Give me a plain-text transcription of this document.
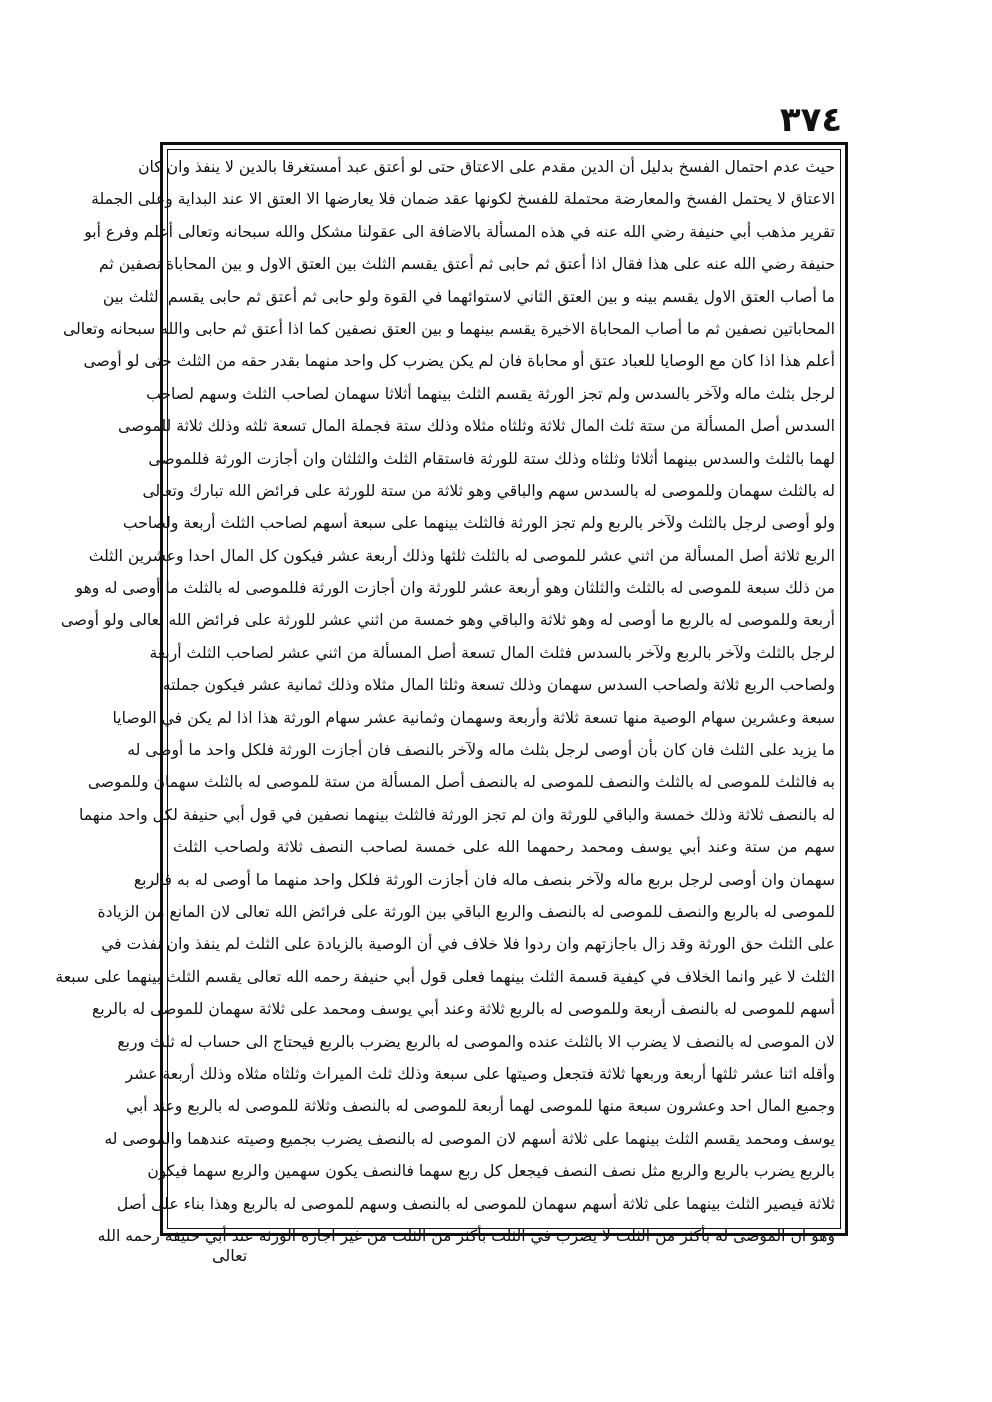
٣٧٤
حيث عدم احتمال الفسخ بدليل أن الدين مقدم على الاعتاق حتى لو أعتق عبد أمستغرقا بالدين لا ينفذ وان كان
الاعتاق لا يحتمل الفسخ والمعارضة محتملة للفسخ لكونها عقد ضمان فلا يعارضها الا العتق الا عند البداية وعلى الجملة
تقرير مذهب أبي حنيفة رضي الله عنه في هذه المسألة بالاضافة الى عقولنا مشكل والله سبحانه وتعالى أعلم وفرع أبو
حنيفة رضي الله عنه على هذا فقال اذا أعتق ثم حابى ثم أعتق يقسم الثلث بين العتق الاول و بين المحاباة نصفين ثم
ما أصاب العتق الاول يقسم بينه و بين العتق الثاني لاستوائهما في القوة ولو حابى ثم أعتق ثم حابى يقسم الثلث بين
المحاباتين نصفين ثم ما أصاب المحاباة الاخيرة يقسم بينهما و بين العتق نصفين كما اذا أعتق ثم حابى والله سبحانه وتعالى
أعلم هذا اذا كان مع الوصايا للعباد عتق أو محاباة فان لم يكن يضرب كل واحد منهما بقدر حقه من الثلث حتى لو أوصى
لرجل بثلث ماله ولآخر بالسدس ولم تجز الورثة يقسم الثلث بينهما أثلاثا سهمان لصاحب الثلث وسهم لصاحب
السدس أصل المسألة من ستة ثلث المال ثلاثة وثلثاه مثلاه وذلك ستة فجملة المال تسعة ثلثه وذلك ثلاثة للموصى
لهما بالثلث والسدس بينهما أثلاثا وثلثاه وذلك ستة للورثة فاستقام الثلث والثلثان وان أجازت الورثة فللموصى
له بالثلث سهمان وللموصى له بالسدس سهم والباقي وهو ثلاثة من ستة للورثة على فرائض الله تبارك وتعالى
ولو أوصى لرجل بالثلث ولآخر بالربع ولم تجز الورثة فالثلث بينهما على سبعة أسهم لصاحب الثلث أربعة ولصاحب
الربع ثلاثة أصل المسألة من اثني عشر للموصى له بالثلث ثلثها وذلك أربعة عشر فيكون كل المال احدا وعشرين الثلث
من ذلك سبعة للموصى له بالثلث والثلثان وهو أربعة عشر للورثة وان أجازت الورثة فللموصى له بالثلث ما أوصى له وهو
أربعة وللموصى له بالربع ما أوصى له وهو ثلاثة والباقي وهو خمسة من اثني عشر للورثة على فرائض الله تعالى ولو أوصى
لرجل بالثلث ولآخر بالربع ولآخر بالسدس فثلث المال تسعة أصل المسألة من اثني عشر لصاحب الثلث أربعة
ولصاحب الربع ثلاثة ولصاحب السدس سهمان وذلك تسعة وثلثا المال مثلاه وذلك ثمانية عشر فيكون جملته
سبعة وعشرين سهام الوصية منها تسعة ثلاثة وأربعة وسهمان وثمانية عشر سهام الورثة هذا اذا لم يكن في الوصايا
ما يزيد على الثلث فان كان بأن أوصى لرجل بثلث ماله ولآخر بالنصف فان أجازت الورثة فلكل واحد ما أوصى له
به فالثلث للموصى له بالثلث والنصف للموصى له بالنصف أصل المسألة من ستة للموصى له بالثلث سهمان وللموصى
له بالنصف ثلاثة وذلك خمسة والباقي للورثة وان لم تجز الورثة فالثلث بينهما نصفين في قول أبي حنيفة لكل واحد منهما
سهم من ستة وعند أبي يوسف ومحمد رحمهما الله على خمسة لصاحب النصف ثلاثة ولصاحب الثلث
سهمان وان أوصى لرجل بربع ماله ولآخر بنصف ماله فان أجازت الورثة فلكل واحد منهما ما أوصى له به فالربع
للموصى له بالربع والنصف للموصى له بالنصف والربع الباقي بين الورثة على فرائض الله تعالى لان المانع من الزيادة
على الثلث حق الورثة وقد زال باجازتهم وان ردوا فلا خلاف في أن الوصية بالزيادة على الثلث لم ينفذ وان نفذت في
الثلث لا غير وانما الخلاف في كيفية قسمة الثلث بينهما فعلى قول أبي حنيفة رحمه الله تعالى يقسم الثلث بينهما على سبعة
أسهم للموصى له بالنصف أربعة وللموصى له بالربع ثلاثة وعند أبي يوسف ومحمد على ثلاثة سهمان للموصى له بالربع
لان الموصى له بالنصف لا يضرب الا بالثلث عنده والموصى له بالربع يضرب بالربع فيحتاج الى حساب له ثلث وربع
وأقله اثنا عشر ثلثها أربعة وربعها ثلاثة فتجعل وصيتها على سبعة وذلك ثلث الميراث وثلثاه مثلاه وذلك أربعة عشر
وجميع المال احد وعشرون سبعة منها للموصى لهما أربعة للموصى له بالنصف وثلاثة للموصى له بالربع وعند أبي
يوسف ومحمد يقسم الثلث بينهما على ثلاثة أسهم لان الموصى له بالنصف يضرب بجميع وصيته عندهما والموصى له
بالربع يضرب بالربع والربع مثل نصف النصف فيجعل كل ربع سهما فالنصف يكون سهمين والربع سهما فيكون
ثلاثة فيصير الثلث بينهما على ثلاثة أسهم سهمان للموصى له بالنصف وسهم للموصى له بالربع وهذا بناء على أصل
وهو ان الموصى له بأكثر من الثلث لا يضرب في الثلث بأكثر من الثلث من غير اجازة الورثة عند أبي حنيفة رحمه الله
تعالى
